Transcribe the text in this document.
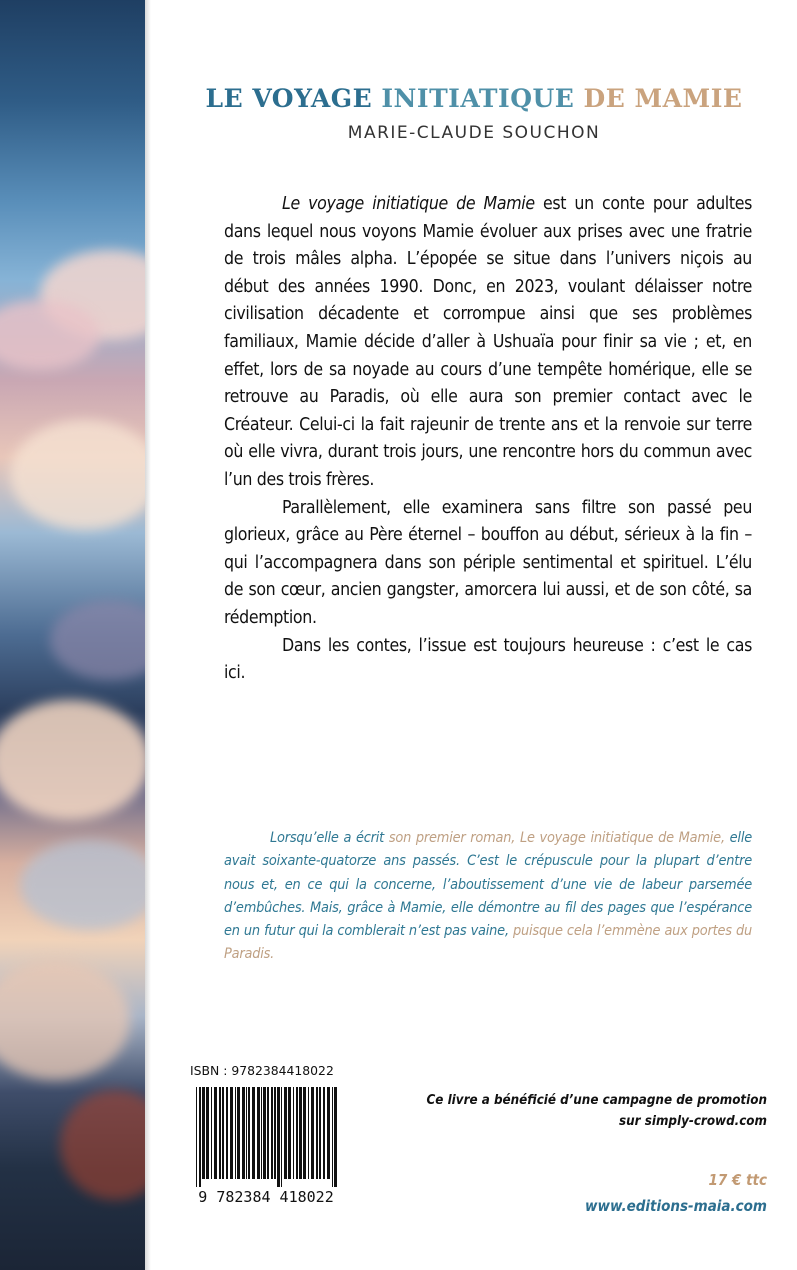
LE VOYAGE INITIATIQUE DE MAMIE
MARIE-CLAUDE SOUCHON

Le voyage initiatique de Mamie est un conte pour adultes dans lequel nous voyons Mamie évoluer aux prises avec une fratrie de trois mâles alpha. L’épopée se situe dans l’univers niçois au début des années 1990. Donc, en 2023, voulant délaisser notre civilisation décadente et corrompue ainsi que ses problèmes familiaux, Mamie décide d’aller à Ushuaïa pour finir sa vie ; et, en effet, lors de sa noyade au cours d’une tempête homérique, elle se retrouve au Paradis, où elle aura son premier contact avec le Créateur. Celui-ci la fait rajeunir de trente ans et la renvoie sur terre où elle vivra, durant trois jours, une rencontre hors du commun avec l’un des trois frères.

Parallèlement, elle examinera sans filtre son passé peu glorieux, grâce au Père éternel – bouffon au début, sérieux à la fin – qui l’accompagnera dans son périple sentimental et spirituel. L’élu de son cœur, ancien gangster, amorcera lui aussi, et de son côté, sa rédemption.

Dans les contes, l’issue est toujours heureuse : c’est le cas ici.

Lorsqu’elle a écrit son premier roman, Le voyage initiatique de Mamie, elle avait soixante-quatorze ans passés. C’est le crépuscule pour la plupart d’entre nous et, en ce qui la concerne, l’aboutissement d’une vie de labeur parsemée d’embûches. Mais, grâce à Mamie, elle démontre au fil des pages que l’espérance en un futur qui la comblerait n’est pas vaine, puisque cela l’emmène aux portes du Paradis.

ISBN : 9782384418022
9 782384 418022
Ce livre a bénéficié d’une campagne de promotion
sur simply-crowd.com
17 € ttc
www.editions-maia.com
